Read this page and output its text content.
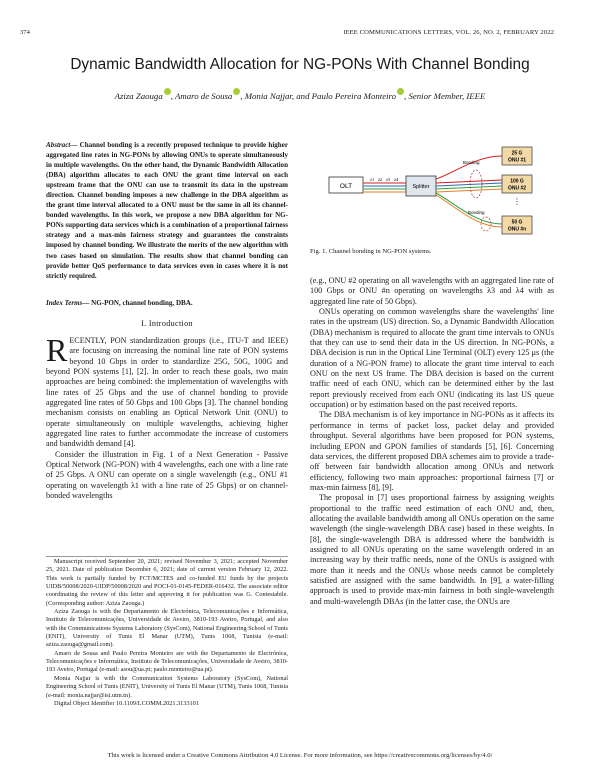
374	IEEE COMMUNICATIONS LETTERS, VOL. 26, NO. 2, FEBRUARY 2022
Dynamic Bandwidth Allocation for NG-PONs With Channel Bonding
Aziza Zaouga , Amaro de Sousa , Monia Najjar, and Paulo Pereira Monteiro , Senior Member, IEEE
Abstract— Channel bonding is a recently proposed technique to provide higher aggregated line rates in NG-PONs by allowing ONUs to operate simultaneously in multiple wavelengths. On the other hand, the Dynamic Bandwidth Allocation (DBA) algorithm allocates to each ONU the grant time interval on each upstream frame that the ONU can use to transmit its data in the upstream direction. Channel bonding imposes a new challenge in the DBA algorithm as the grant time interval allocated to a ONU must be the same in all its channel-bonded wavelengths. In this work, we propose a new DBA algorithm for NG-PONs supporting data services which is a combination of a proportional fairness strategy and a max-min fairness strategy and guarantees the constraints imposed by channel bonding. We illustrate the merits of the new algorithm with two cases based on simulation. The results show that channel bonding can provide better QoS performance to data services even in cases where it is not strictly required.
Index Terms— NG-PON, channel bonding, DBA.
I. Introduction

RECENTLY, PON standardization groups (i.e., ITU-T and IEEE) are focusing on increasing the nominal line rate of PON systems beyond 10 Gbps in order to standardize 25G, 50G, 100G and beyond PON systems [1], [2]. In order to reach these goals, two main approaches are being combined: the implementation of wavelengths with line rates of 25 Gbps and the use of channel bonding to provide aggregated line rates of 50 Gbps and 100 Gbps [3]. The channel bonding mechanism consists on enabling an Optical Network Unit (ONU) to operate simultaneously on multiple wavelengths, achieving higher aggregated line rates to further accommodate the increase of customers and bandwidth demand [4].

Consider the illustration in Fig. 1 of a Next Generation - Passive Optical Network (NG-PON) with 4 wavelengths, each one with a line rate of 25 Gbps. A ONU can operate on a single wavelength (e.g., ONU #1 operating on wavelength λ1 with a line rate of 25 Gbps) or on channel-bonded wavelengths

Manuscript received September 20, 2021; revised November 3, 2021; accepted November 25, 2021. Date of publication December 6, 2021; date of current version February 12, 2022. This work is partially funded by FCT/MCTES and co-funded EU funds by the projects UIDB/50008/2020-UIDP/50008/2020 and POCI-01-0145-FEDER-016432. The associate editor coordinating the review of this letter and approving it for publication was G. Contestabile. (Corresponding author: Aziza Zaouga.)

Aziza Zaouga is with the Departamento de Electrónica, Telecomunicações e Informática, Instituto de Telecomunicações, Universidade de Aveiro, 3810-193 Aveiro, Portugal, and also with the Communications Systems Laboratory (SysCom), National Engineering School of Tunis (ENIT), University of Tunis El Manar (UTM), Tunis 1068, Tunisia (e-mail: aziza.zaouga@gmail.com).

Amaro de Sousa and Paulo Pereira Monteiro are with the Departamento de Electrónica, Telecomunicações e Informática, Instituto de Telecomunicações, Universidade de Aveiro, 3810-193 Aveiro, Portugal (e-mail: asou@ua.pt; paulo.monteiro@ua.pt).

Monia Najjar is with the Communication Systems Laboratory (SysCom), National Engineering School of Tunis (ENIT), University of Tunis El Manar (UTM), Tunis 1068, Tunisia (e-mail: monia.najjar@isi.utm.tn).

Digital Object Identifier 10.1109/LCOMM.2021.3133101

OLT
λ1 λ2 λ3 λ4
Splitter
Bonding
Bonding
25 G
ONU #1
100 G
ONU #2
⋮
50 G
ONU #n
Fig. 1. Channel bonding in NG-PON systems.

(e.g., ONU #2 operating on all wavelengths with an aggregated line rate of 100 Gbps or ONU #n operating on wavelengths λ3 and λ4 with as aggregated line rate of 50 Gbps).

ONUs operating on common wavelengths share the wavelengths' line rates in the upstream (US) direction. So, a Dynamic Bandwidth Allocation (DBA) mechanism is required to allocate the grant time intervals to ONUs that they can use to send their data in the US direction. In NG-PONs, a DBA decision is run in the Optical Line Terminal (OLT) every 125 μs (the duration of a NG-PON frame) to allocate the grant time interval to each ONU on the next US frame. The DBA decision is based on the current traffic need of each ONU, which can be determined either by the last report previously received from each ONU (indicating its last US queue occupation) or by estimation based on the past received reports.

The DBA mechanism is of key importance in NG-PONs as it affects its performance in terms of packet loss, packet delay and provided throughput. Several algorithms have been proposed for PON systems, including EPON and GPON families of standards [5], [6]. Concerning data services, the different proposed DBA schemes aim to provide a trade-off between fair bandwidth allocation among ONUs and network efficiency, following two main approaches: proportional fairness [7] or max-min fairness [8], [9].

The proposal in [7] uses proportional fairness by assigning weights proportional to the traffic need estimation of each ONU and, then, allocating the available bandwidth among all ONUs operation on the same wavelength (the single-wavelength DBA case) based in these weights. In [8], the single-wavelength DBA is addressed where the bandwidth is assigned to all ONUs operating on the same wavelength ordered in an increasing way by their traffic needs, none of the ONUs is assigned with more than it needs and the ONUs whose needs cannot be completely satisfied are assigned with the same bandwidth. In [9], a water-filling approach is used to provide max-min fairness in both single-wavelength and multi-wavelength DBAs (in the latter case, the ONUs are

This work is licensed under a Creative Commons Attribution 4.0 License. For more information, see https://creativecommons.org/licenses/by/4.0/
